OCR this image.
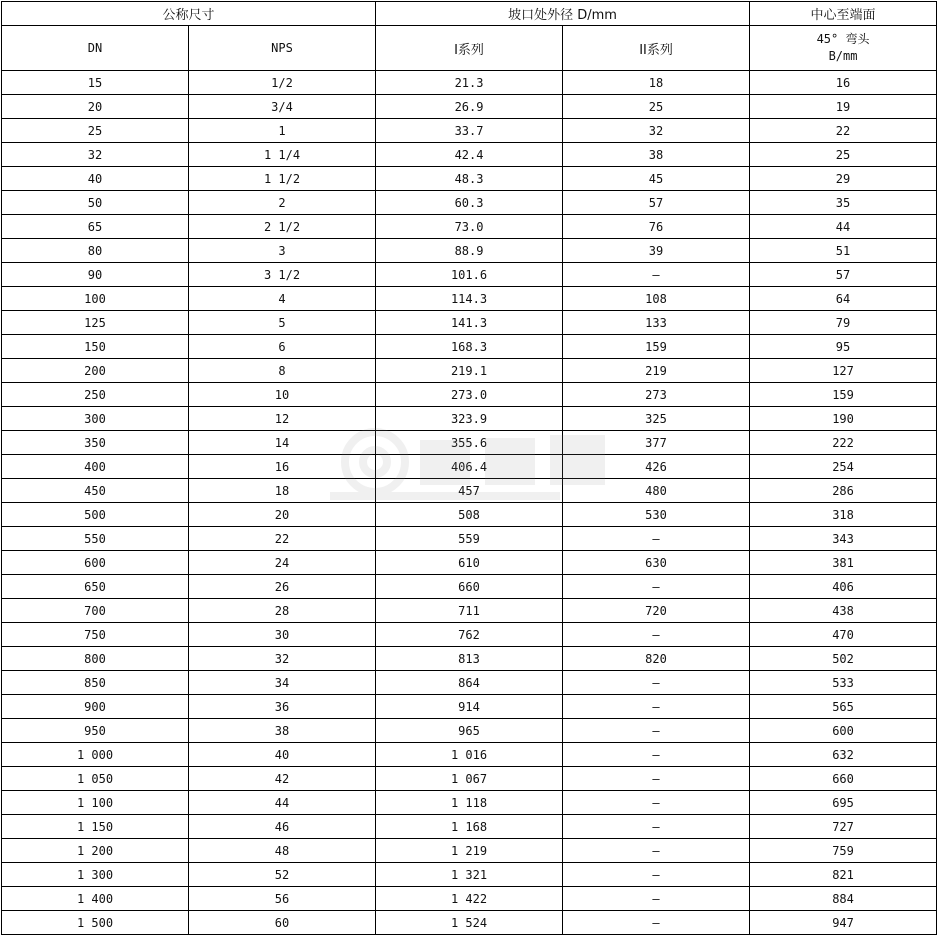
公称尺寸		坡口处外径 D/mm		中心至端面
DN	NPS	I系列	II系列	45° 弯头
B/mm

15	1/2	21.3	18	16
20	3/4	26.9	25	19
25	1	33.7	32	22
32	1 1/4	42.4	38	25
40	1 1/2	48.3	45	29
50	2	60.3	57	35
65	2 1/2	73.0	76	44
80	3	88.9	39	51
90	3 1/2	101.6	—	57
100	4	114.3	108	64
125	5	141.3	133	79
150	6	168.3	159	95
200	8	219.1	219	127
250	10	273.0	273	159
300	12	323.9	325	190
350	14	355.6	377	222
400	16	406.4	426	254
450	18	457	480	286
500	20	508	530	318
550	22	559	—	343
600	24	610	630	381
650	26	660	—	406
700	28	711	720	438
750	30	762	—	470
800	32	813	820	502
850	34	864	—	533
900	36	914	—	565
950	38	965	—	600
1 000	40	1 016	—	632
1 050	42	1 067	—	660
1 100	44	1 118	—	695
1 150	46	1 168	—	727
1 200	48	1 219	—	759
1 300	52	1 321	—	821
1 400	56	1 422	—	884
1 500	60	1 524	—	947
